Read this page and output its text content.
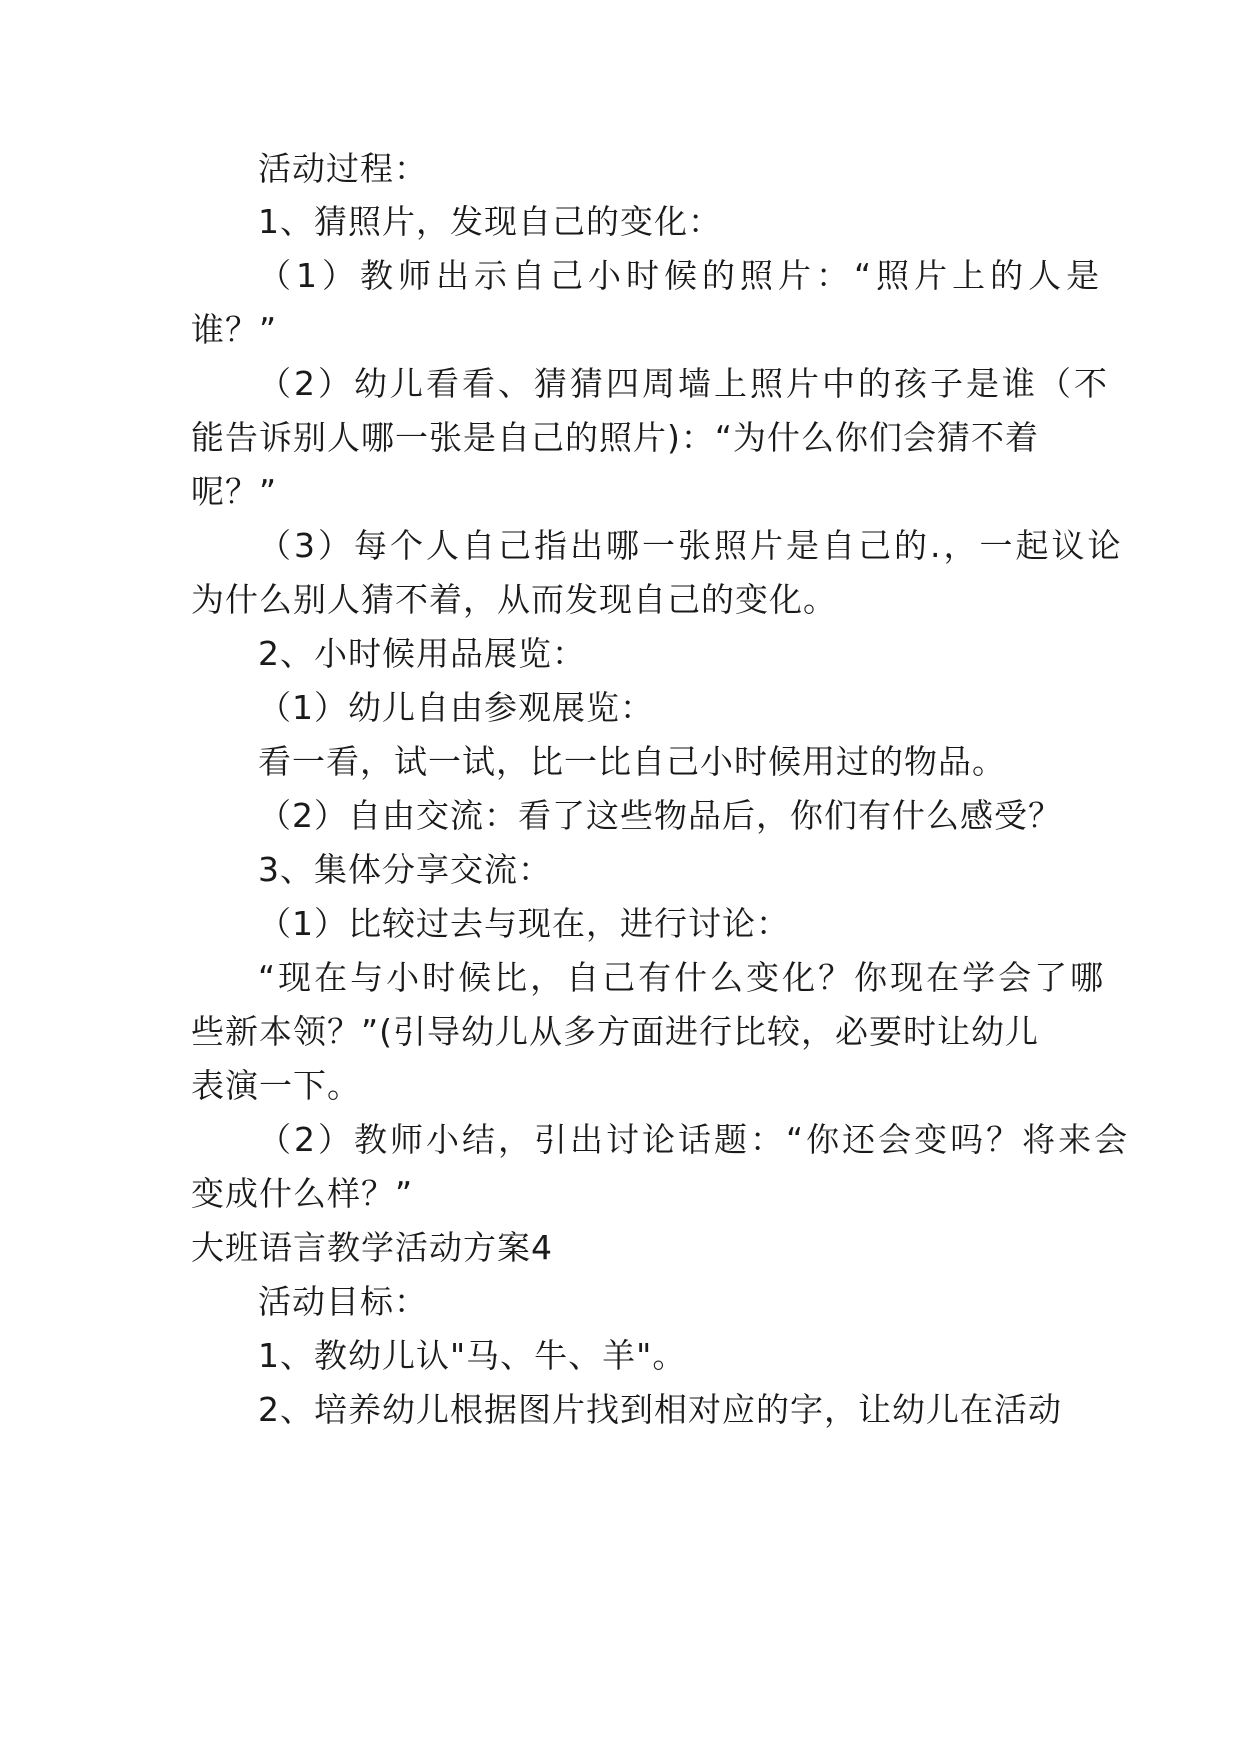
活动过程：
1、猜照片，发现自己的变化：
（1）教师出示自己小时候的照片：“照片上的人是
谁？”
（2）幼儿看看、猜猜四周墙上照片中的孩子是谁（不
能告诉别人哪一张是自己的照片)：“为什么你们会猜不着
呢？”
（3）每个人自己指出哪一张照片是自己的.，一起议论
为什么别人猜不着，从而发现自己的变化。
2、小时候用品展览：
（1）幼儿自由参观展览：
看一看，试一试，比一比自己小时候用过的物品。
（2）自由交流：看了这些物品后，你们有什么感受？
3、集体分享交流：
（1）比较过去与现在，进行讨论：
“现在与小时候比，自己有什么变化？你现在学会了哪
些新本领？”(引导幼儿从多方面进行比较，必要时让幼儿
表演一下。
（2）教师小结，引出讨论话题：“你还会变吗？将来会
变成什么样？”
大班语言教学活动方案4
活动目标：
1、教幼儿认"马、牛、羊"。
2、培养幼儿根据图片找到相对应的字，让幼儿在活动
